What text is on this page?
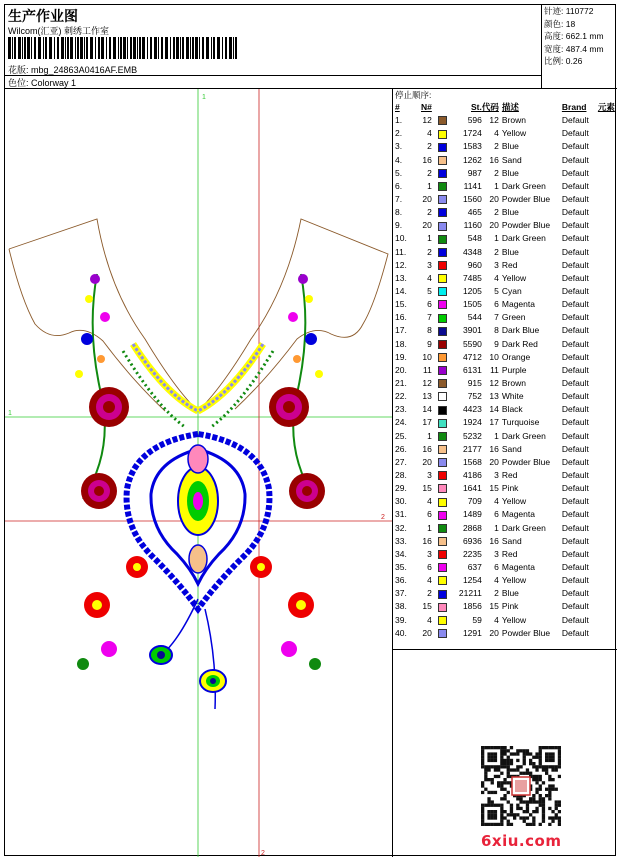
生产作业图
Wilcom(汇亚) 刺绣工作室
花版: mbg_24863A0416AF.EMB
色位: Colorway 1
针迹: 110772
颜色: 18
高度: 662.1 mm
宽度: 487.4 mm
比例: 0.26
1
1
2
2
停止顺序:
#	N#		St.	代码	描述	Brand	元素
1.	12		596	12	Brown	Default	
2.	4		1724	4	Yellow	Default	
3.	2		1583	2	Blue	Default	
4.	16		1262	16	Sand	Default	
5.	2		987	2	Blue	Default	
6.	1		1141	1	Dark Green	Default	
7.	20		1560	20	Powder Blue	Default	
8.	2		465	2	Blue	Default	
9.	20		1160	20	Powder Blue	Default	
10.	1		548	1	Dark Green	Default	
11.	2		4348	2	Blue	Default	
12.	3		960	3	Red	Default	
13.	4		7485	4	Yellow	Default	
14.	5		1205	5	Cyan	Default	
15.	6		1505	6	Magenta	Default	
16.	7		544	7	Green	Default	
17.	8		3901	8	Dark Blue	Default	
18.	9		5590	9	Dark Red	Default	
19.	10		4712	10	Orange	Default	
20.	11		6131	11	Purple	Default	
21.	12		915	12	Brown	Default	
22.	13		752	13	White	Default	
23.	14		4423	14	Black	Default	
24.	17		1924	17	Turquoise	Default	
25.	1		5232	1	Dark Green	Default	
26.	16		2177	16	Sand	Default	
27.	20		1568	20	Powder Blue	Default	
28.	3		4186	3	Red	Default	
29.	15		1641	15	Pink	Default	
30.	4		709	4	Yellow	Default	
31.	6		1489	6	Magenta	Default	
32.	1		2868	1	Dark Green	Default	
33.	16		6936	16	Sand	Default	
34.	3		2235	3	Red	Default	
35.	6		637	6	Magenta	Default	
36.	4		1254	4	Yellow	Default	
37.	2		21211	2	Blue	Default	
38.	15		1856	15	Pink	Default	
39.	4		59	4	Yellow	Default	
40.	20		1291	20	Powder Blue	Default	
6xiu.com
